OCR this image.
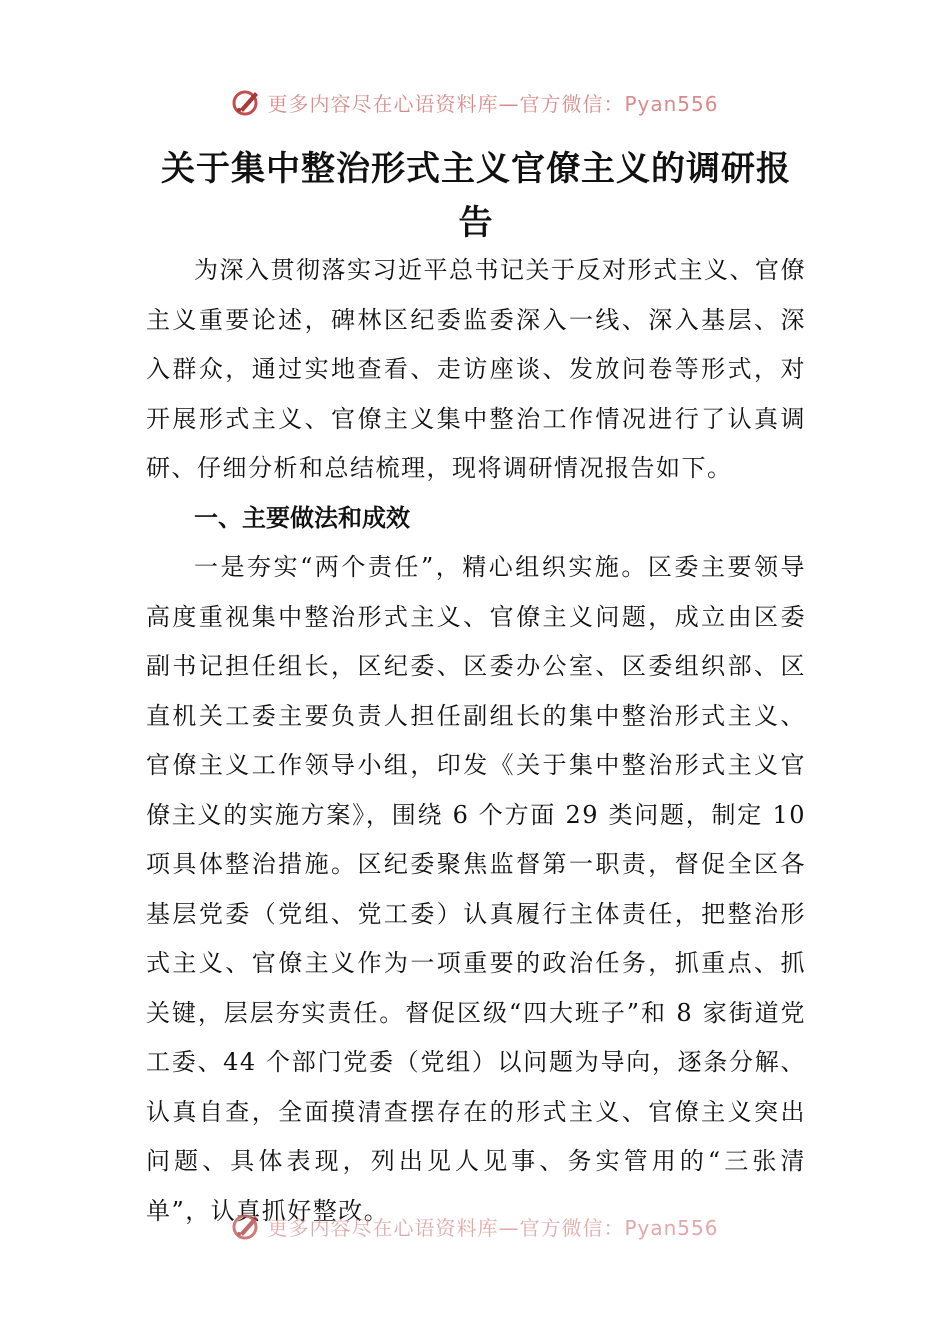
更多内容尽在心语资料库—官方微信：Pyan556
关于集中整治形式主义官僚主义的调研报告

为深入贯彻落实习近平总书记关于反对形式主义、官僚主义重要论述，碑林区纪委监委深入一线、深入基层、深入群众，通过实地查看、走访座谈、发放问卷等形式，对开展形式主义、官僚主义集中整治工作情况进行了认真调研、仔细分析和总结梳理，现将调研情况报告如下。

一、主要做法和成效

一是夯实“两个责任”，精心组织实施。区委主要领导高度重视集中整治形式主义、官僚主义问题，成立由区委副书记担任组长，区纪委、区委办公室、区委组织部、区直机关工委主要负责人担任副组长的集中整治形式主义、官僚主义工作领导小组，印发《关于集中整治形式主义官僚主义的实施方案》，围绕 6 个方面 29 类问题，制定 10 项具体整治措施。区纪委聚焦监督第一职责，督促全区各基层党委（党组、党工委）认真履行主体责任，把整治形式主义、官僚主义作为一项重要的政治任务，抓重点、抓关键，层层夯实责任。督促区级“四大班子”和 8 家街道党工委、44 个部门党委（党组）以问题为导向，逐条分解、认真自查，全面摸清查摆存在的形式主义、官僚主义突出问题、具体表现，列出见人见事、务实管用的“三张清单”，认真抓好整改。

更多内容尽在心语资料库—官方微信：Pyan556
